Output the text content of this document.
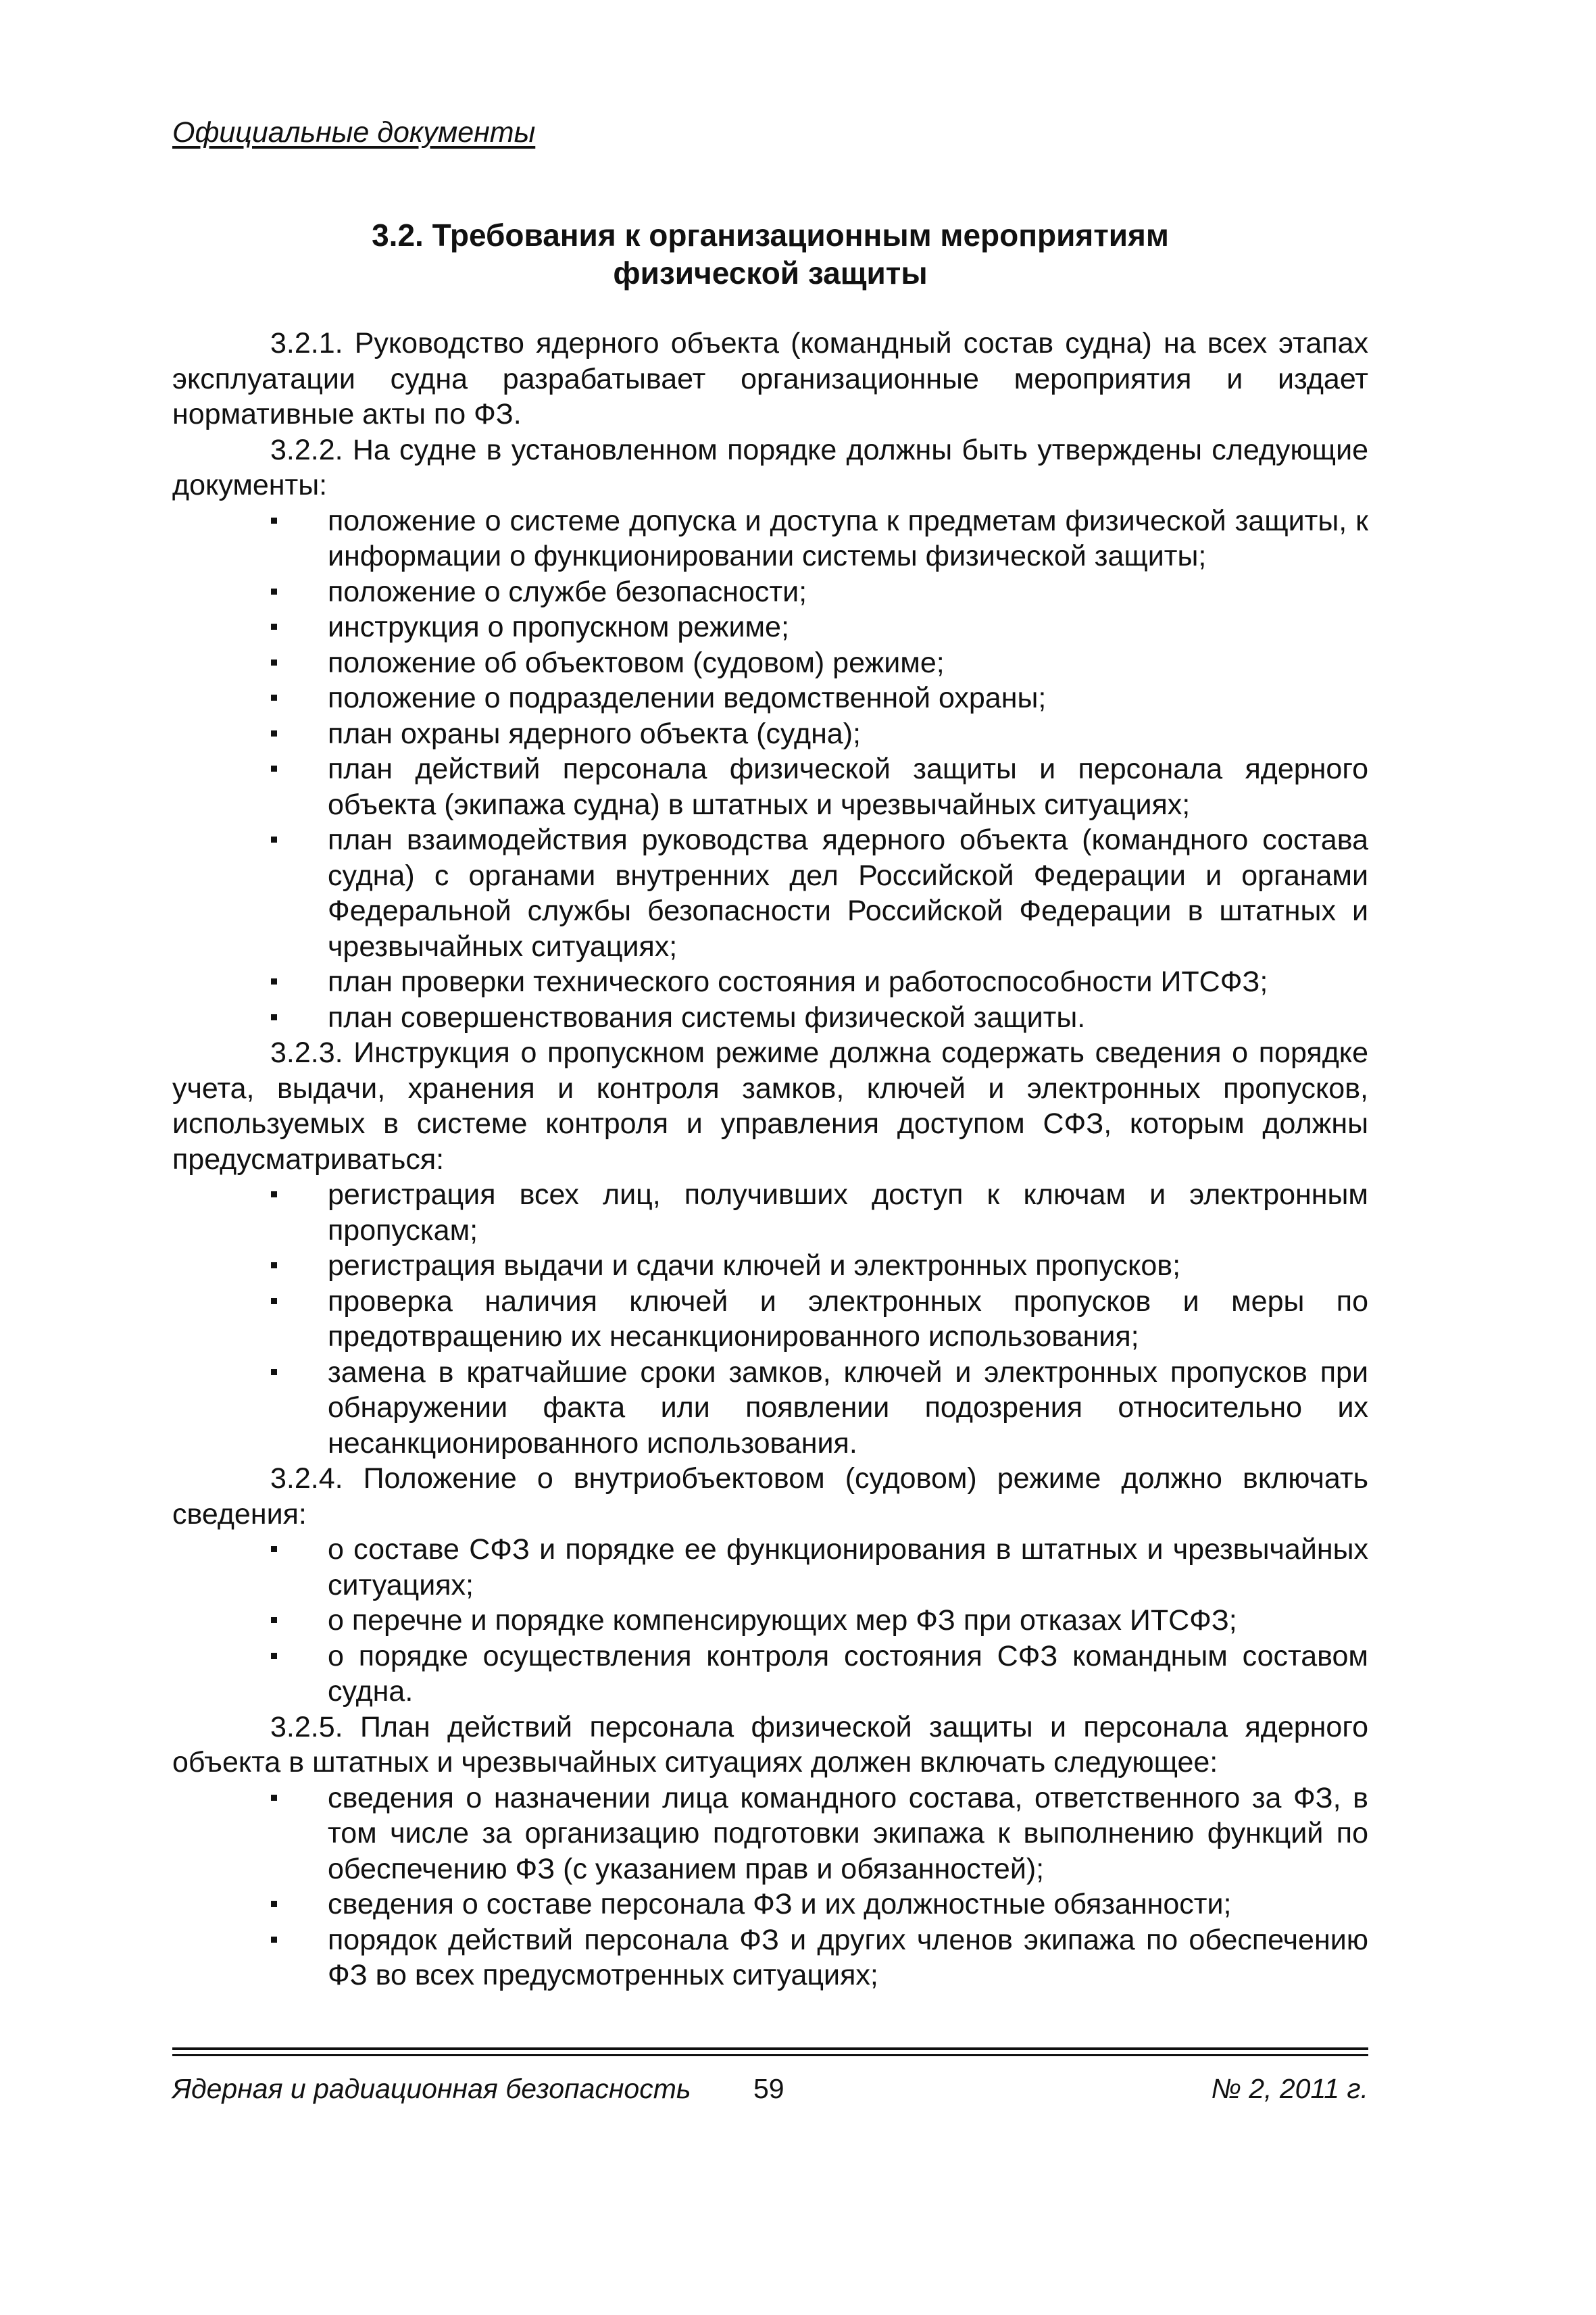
Официальные документы
3.2. Требования к организационным мероприятиям
физической защиты

3.2.1. Руководство ядерного объекта (командный состав судна) на всех этапах эксплуатации судна разрабатывает организационные мероприятия и издает нормативные акты по ФЗ.

3.2.2. На судне в установленном порядке должны быть утверждены следующие документы:

положение о системе допуска и доступа к предметам физической защиты, к информации о функционировании системы физической защиты;
положение о службе безопасности;
инструкция о пропускном режиме;
положение об объектовом (судовом) режиме;
положение о подразделении ведомственной охраны;
план охраны ядерного объекта (судна);
план действий персонала физической защиты и персонала ядерного объекта (экипажа судна) в штатных и чрезвычайных ситуациях;
план взаимодействия руководства ядерного объекта (командного состава судна) с органами внутренних дел Российской Федерации и органами Федеральной службы безопасности Российской Федерации в штатных и чрезвычайных ситуациях;
план проверки технического состояния и работоспособности ИТСФЗ;
план совершенствования системы физической защиты.

3.2.3. Инструкция о пропускном режиме должна содержать сведения о порядке учета, выдачи, хранения и контроля замков, ключей и электронных пропусков, используемых в системе контроля и управления доступом СФЗ, которым должны предусматриваться:

регистрация всех лиц, получивших доступ к ключам и электронным пропускам;
регистрация выдачи и сдачи ключей и электронных пропусков;
проверка наличия ключей и электронных пропусков и меры по предотвращению их несанкционированного использования;
замена в кратчайшие сроки замков, ключей и электронных пропусков при обнаружении факта или появлении подозрения относительно их несанкционированного использования.

3.2.4. Положение о внутриобъектовом (судовом) режиме должно включать сведения:

о составе СФЗ и порядке ее функционирования в штатных и чрезвычайных ситуациях;
о перечне и порядке компенсирующих мер ФЗ при отказах ИТСФЗ;
о порядке осуществления контроля состояния СФЗ командным составом судна.

3.2.5. План действий персонала физической защиты и персонала ядерного объекта в штатных и чрезвычайных ситуациях должен включать следующее:

сведения о назначении лица командного состава, ответственного за ФЗ, в том числе за организацию подготовки экипажа к выполнению функций по обеспечению ФЗ (с указанием прав и обязанностей);
сведения о составе персонала ФЗ и их должностные обязанности;
порядок действий персонала ФЗ и других членов экипажа по обеспечению ФЗ во всех предусмотренных ситуациях;
Ядерная и радиационная безопасность 59	№ 2, 2011 г.
